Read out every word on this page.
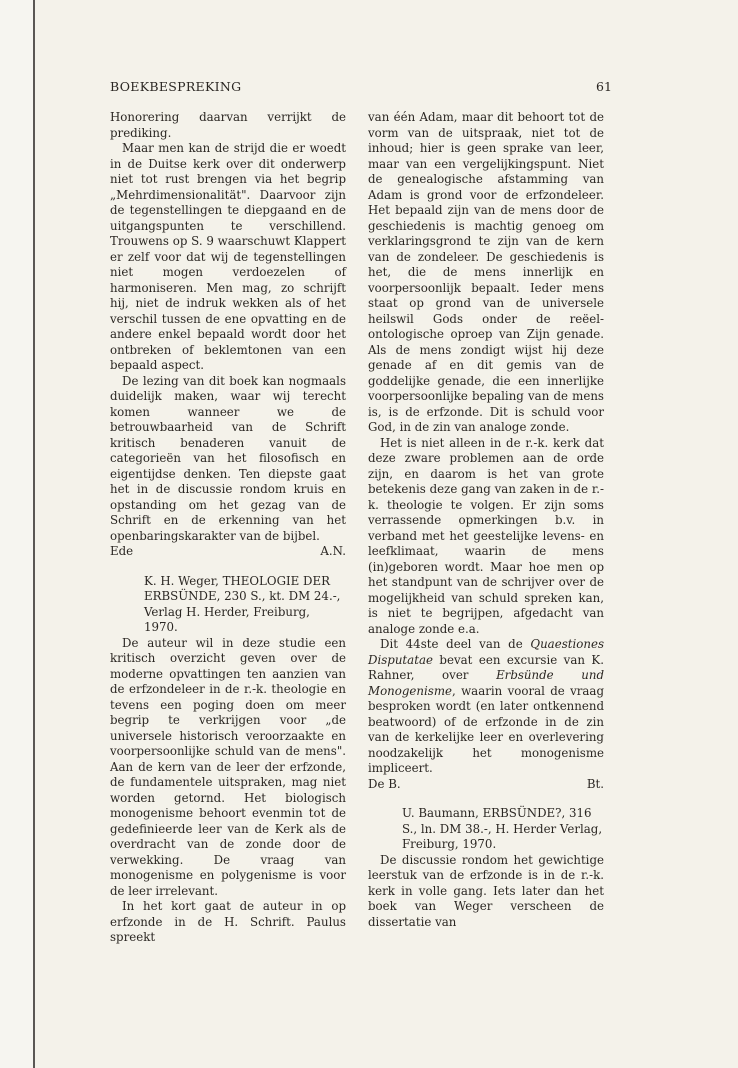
BOEKBESPREKING	61

Honorering daarvan verrijkt de prediking.

Maar men kan de strijd die er woedt in de Duitse kerk over dit onderwerp niet tot rust brengen via het begrip „Mehrdimensionalität". Daarvoor zijn de tegenstellingen te diepgaand en de uitgangspunten te verschillend. Trouwens op S. 9 waarschuwt Klappert er zelf voor dat wij de tegenstellingen niet mogen verdoezelen of harmoniseren. Men mag, zo schrijft hij, niet de indruk wekken als of het verschil tussen de ene opvatting en de andere enkel bepaald wordt door het ontbreken of beklemtonen van een bepaald aspect.

De lezing van dit boek kan nogmaals duidelijk maken, waar wij terecht komen wanneer we de betrouwbaarheid van de Schrift kritisch benaderen vanuit de categorieën van het filosofisch en eigentijdse denken. Ten diepste gaat het in de discussie rondom kruis en opstanding om het gezag van de Schrift en de erkenning van het openbaringskarakter van de bijbel.

Ede	A.N.

K. H. Weger, THEOLOGIE DER ERBSÜNDE, 230 S., kt. DM 24.-, Verlag H. Herder, Freiburg, 1970.

De auteur wil in deze studie een kritisch overzicht geven over de moderne opvattingen ten aanzien van de erfzondeleer in de r.-k. theologie en tevens een poging doen om meer begrip te verkrijgen voor „de universele historisch veroorzaakte en voorpersoonlijke schuld van de mens". Aan de kern van de leer der erfzonde, de fundamentele uitspraken, mag niet worden getornd. Het biologisch monogenisme behoort evenmin tot de gedefinieerde leer van de Kerk als de overdracht van de zonde door de verwekking. De vraag van monogenisme en polygenisme is voor de leer irrelevant.

In het kort gaat de auteur in op erfzonde in de H. Schrift. Paulus spreekt

van één Adam, maar dit behoort tot de vorm van de uitspraak, niet tot de inhoud; hier is geen sprake van leer, maar van een vergelijkingspunt. Niet de genealogische afstamming van Adam is grond voor de erfzondeleer. Het bepaald zijn van de mens door de geschiedenis is machtig genoeg om verklaringsgrond te zijn van de kern van de zondeleer. De geschiedenis is het, die de mens innerlijk en voorpersoonlijk bepaalt. Ieder mens staat op grond van de universele heilswil Gods onder de reëel-ontologische oproep van Zijn genade. Als de mens zondigt wijst hij deze genade af en dit gemis van de goddelijke genade, die een innerlijke voorpersoonlijke bepaling van de mens is, is de erfzonde. Dit is schuld voor God, in de zin van analoge zonde.

Het is niet alleen in de r.-k. kerk dat deze zware problemen aan de orde zijn, en daarom is het van grote betekenis deze gang van zaken in de r.-k. theologie te volgen. Er zijn soms verrassende opmerkingen b.v. in verband met het geestelijke levens- en leefklimaat, waarin de mens (in)geboren wordt. Maar hoe men op het standpunt van de schrijver over de mogelijkheid van schuld spreken kan, is niet te begrijpen, afgedacht van analoge zonde e.a.

Dit 44ste deel van de Quaestiones Disputatae bevat een excursie van K. Rahner, over Erbsünde und Monogenisme, waarin vooral de vraag besproken wordt (en later ontkennend beatwoord) of de erfzonde in de zin van de kerkelijke leer en overlevering noodzakelijk het monogenisme impliceert.

De B.	Bt.

U. Baumann, ERBSÜNDE?, 316 S., ln. DM 38.-, H. Herder Verlag, Freiburg, 1970.

De discussie rondom het gewichtige leerstuk van de erfzonde is in de r.-k. kerk in volle gang. Iets later dan het boek van Weger verscheen de dissertatie van
